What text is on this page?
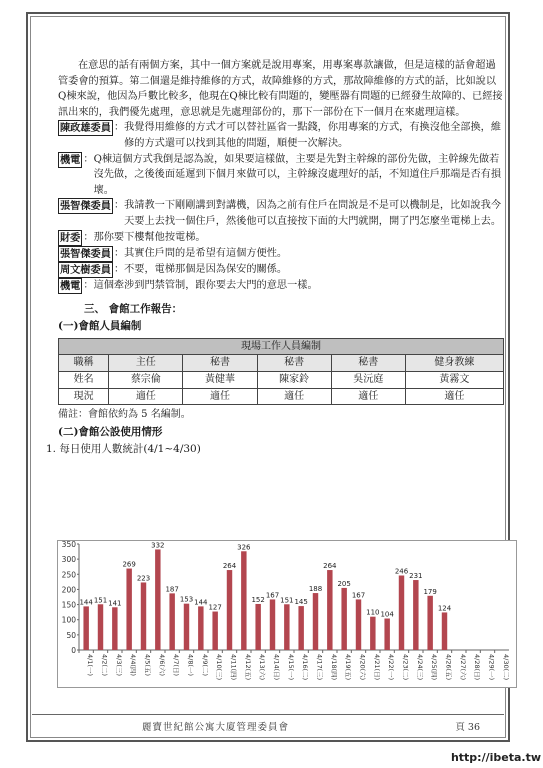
在意思的話有兩個方案，其中一個方案就是說用專案，用專案專款讓做，但是這樣的話會超過管委會的預算。第二個還是維持維修的方式，故障維修的方式，那故障維修的方式的話，比如說以Q棟來說，他因為戶數比較多，他現在Q棟比較有問題的，變壓器有問題的已經發生故障的、已經接訊出來的，我們優先處理，意思就是先處理部份的，那下一部份在下一個月在來處理這樣。

陳政雄委員 ： 我覺得用維修的方式才可以替社區省一點錢，你用專案的方式，有換沒他全部換，維修的方式還可以找到其他的問題，順便一次解決。
機電 ： Q棟這個方式我倒是認為說，如果要這樣做，主要是先對主幹線的部份先做，主幹線先做若沒先做，之後後面延遲到下個月來做可以，主幹線沒處理好的話，不知道住戶那端是否有損壞。
張智傑委員 ： 我請教一下剛剛講到對講機，因為之前有住戶在問說是不是可以機制是，比如說我今天要上去找一個住戶，然後他可以直接按下面的大門就開，開了門怎麼坐電梯上去。
財委 ： 那你要下樓幫他按電梯。
張智傑委員 ： 其實住戶問的是希望有這個方便性。
周文樹委員 ： 不要，電梯那個是因為保安的關係。
機電 ： 這個牽涉到門禁管制，跟你要去大門的意思一樣。
三、 會館工作報告：
(一)會館人員編制
現場工作人員編制					
職稱	主任	秘書	秘書	秘書	健身教練
姓名	蔡宗倫	黃健華	陳家鈴	吳沅庭	黃霧文
現況	適任	適任	適任	適任	適任
備註：會館依約為 5 名編制。
(二)會館公設使用情形
1. 每日使用人數統計(4/1~4/30)
0
50
100
150
200
250
300
350
144
4/1(一)
151
4/2(二)
141
4/3(三)
269
4/4(四)
223
4/5(五)
332
4/6(六)
187
4/7(日)
153
4/8(一)
144
4/9(二)
127
4/10(三)
264
4/11(四)
326
4/12(五)
152
4/13(六)
167
4/14(日)
151
4/15(一)
145
4/16(二)
188
4/17(三)
264
4/18(四)
205
4/19(五)
167
4/20(六)
110
4/21(日)
104
4/22(一)
246
4/23(二)
231
4/24(三)
179
4/25(四)
124
4/26(五) 4/27(六) 4/28(日) 4/29(一) 4/30(二)
麗寶世紀館公寓大廈管理委員會	頁 36
http://ibeta.tw
